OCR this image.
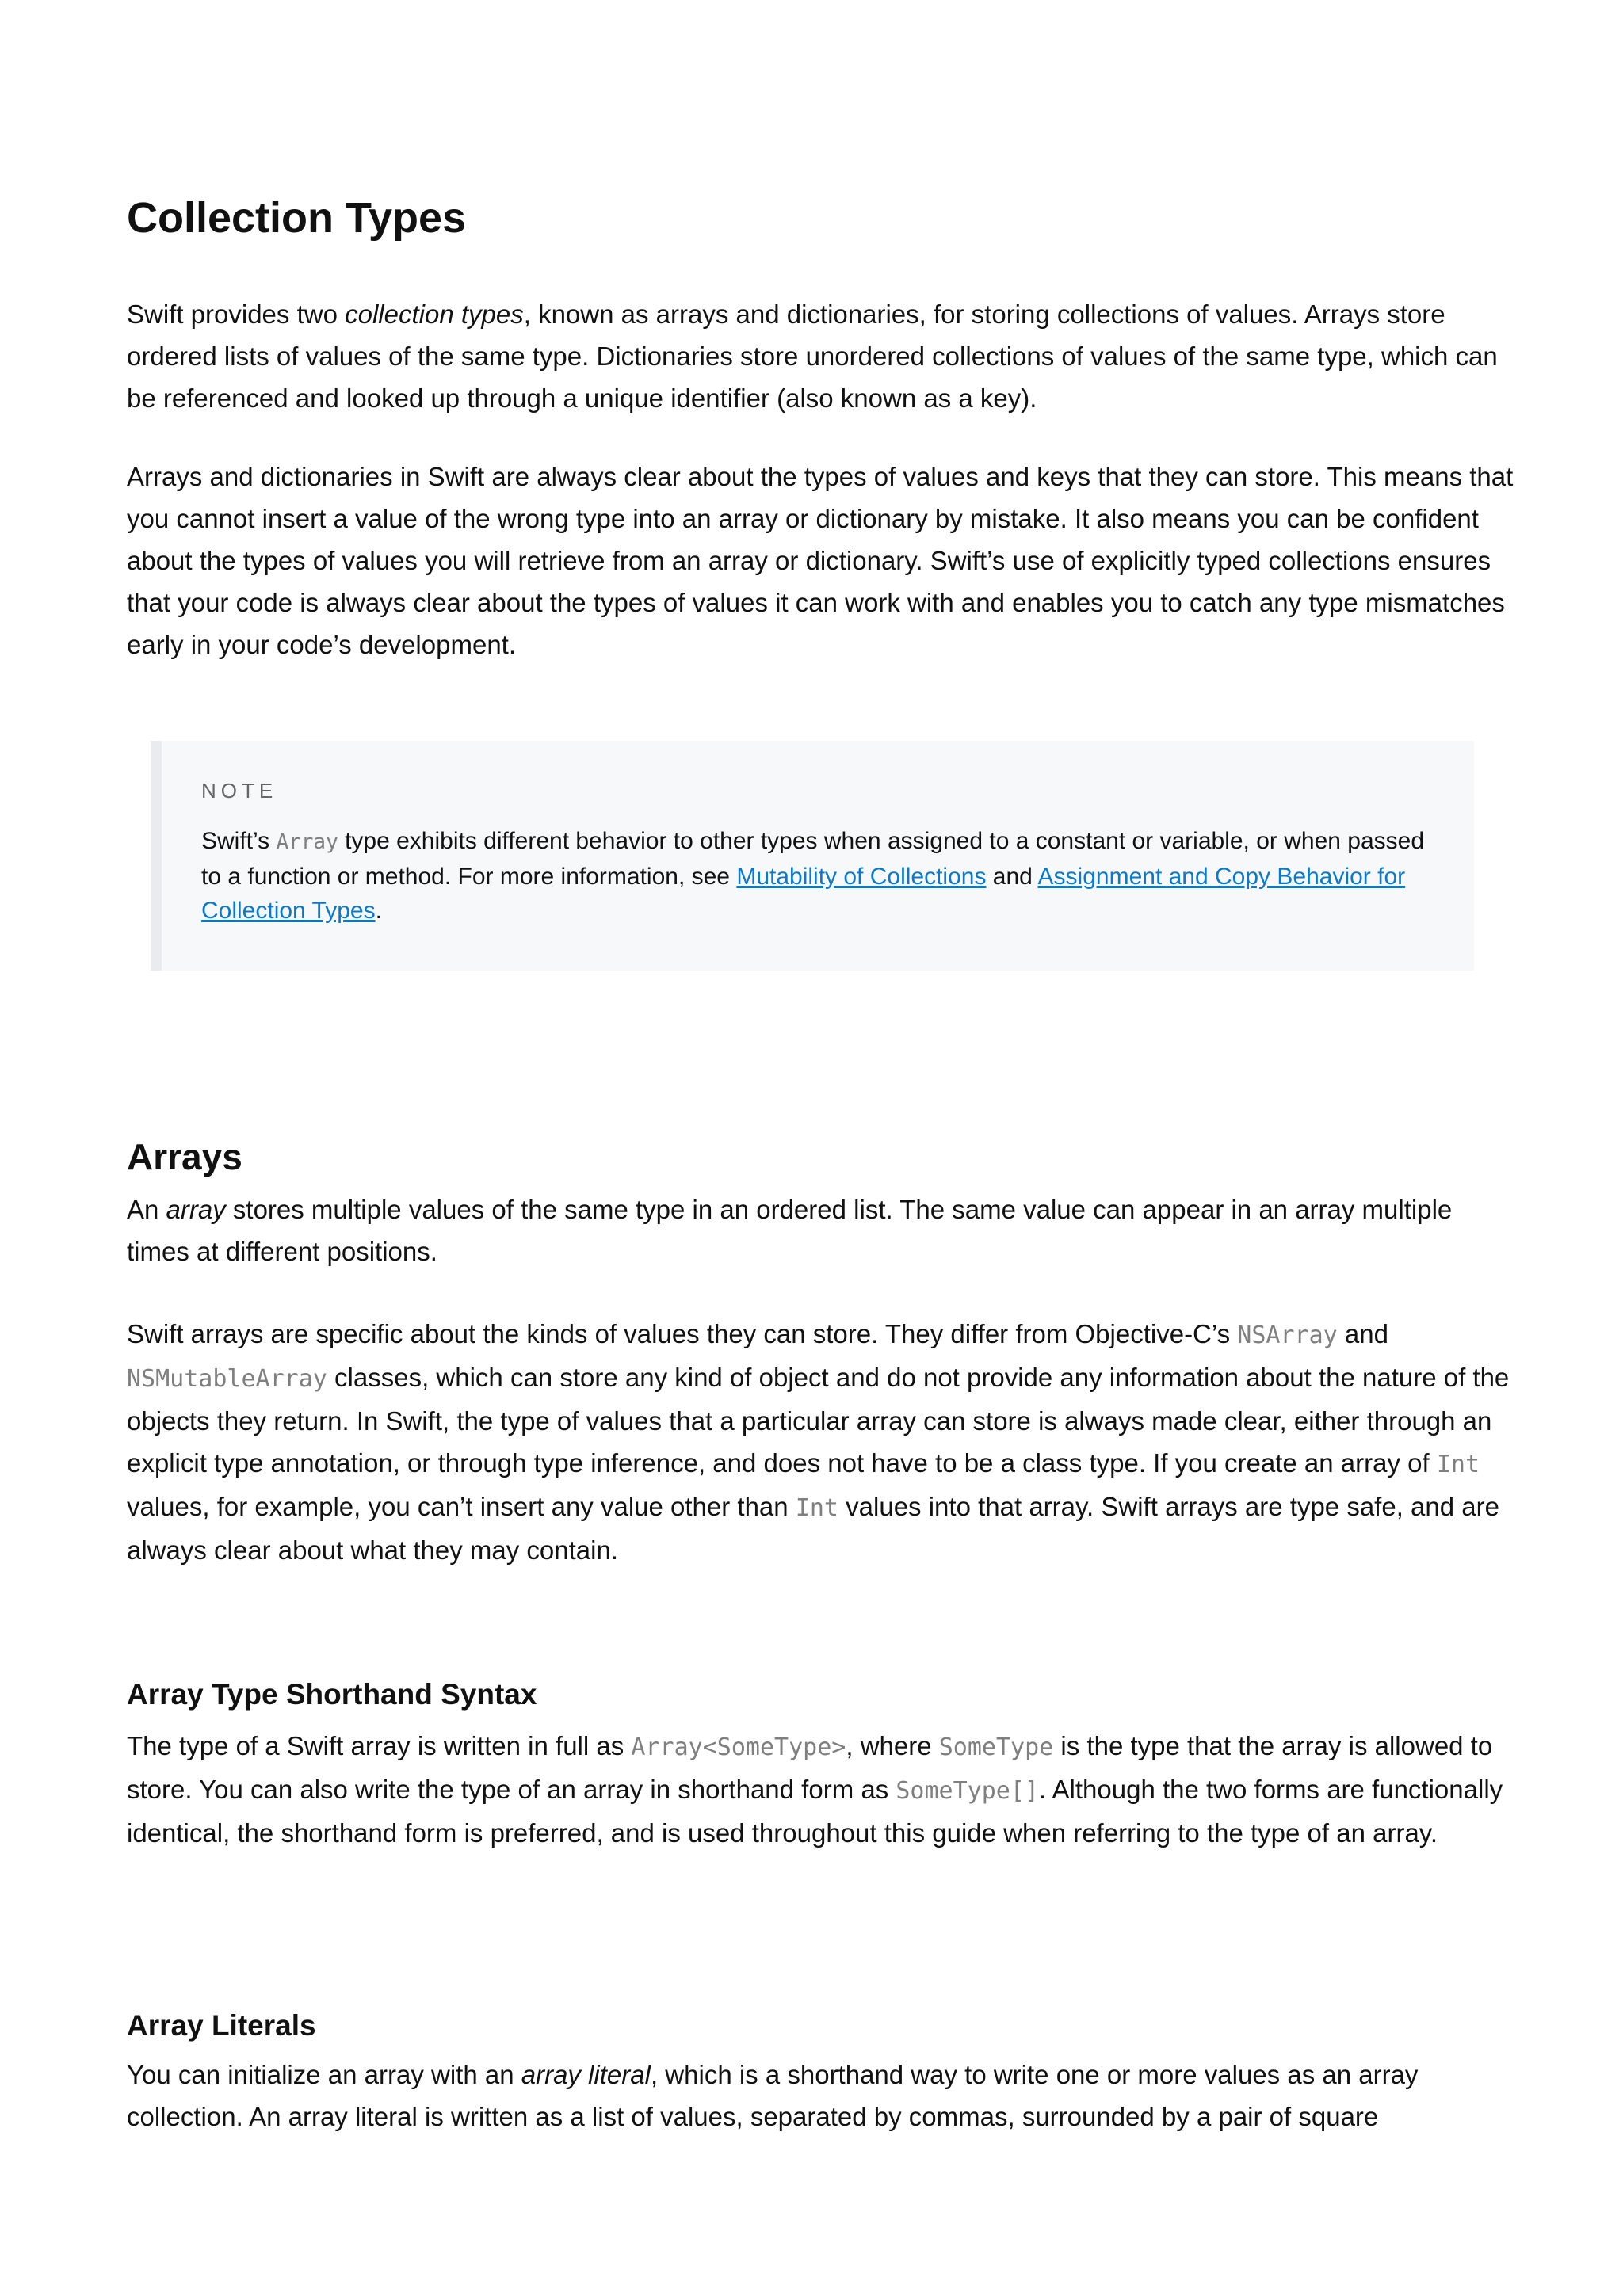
Collection Types

Swift provides two collection types, known as arrays and dictionaries, for storing collections of values. Arrays store ordered lists of values of the same type. Dictionaries store unordered collections of values of the same type, which can be referenced and looked up through a unique identifier (also known as a key).

Arrays and dictionaries in Swift are always clear about the types of values and keys that they can store. This means that you cannot insert a value of the wrong type into an array or dictionary by mistake. It also means you can be confident about the types of values you will retrieve from an array or dictionary. Swift’s use of explicitly typed collections ensures that your code is always clear about the types of values it can work with and enables you to catch any type mismatches early in your code’s development.

NOTE
Swift’s Array type exhibits different behavior to other types when assigned to a constant or variable, or when passed to a function or method. For more information, see Mutability of Collections and Assignment and Copy Behavior for Collection Types.
Arrays

An array stores multiple values of the same type in an ordered list. The same value can appear in an array multiple times at different positions.

Swift arrays are specific about the kinds of values they can store. They differ from Objective-C’s NSArray and NSMutableArray classes, which can store any kind of object and do not provide any information about the nature of the objects they return. In Swift, the type of values that a particular array can store is always made clear, either through an explicit type annotation, or through type inference, and does not have to be a class type. If you create an array of Int values, for example, you can’t insert any value other than Int values into that array. Swift arrays are type safe, and are always clear about what they may contain.

Array Type Shorthand Syntax

The type of a Swift array is written in full as Array<SomeType>, where SomeType is the type that the array is allowed to store. You can also write the type of an array in shorthand form as SomeType[]. Although the two forms are functionally identical, the shorthand form is preferred, and is used throughout this guide when referring to the type of an array.

Array Literals

You can initialize an array with an array literal, which is a shorthand way to write one or more values as an array collection. An array literal is written as a list of values, separated by commas, surrounded by a pair of square
